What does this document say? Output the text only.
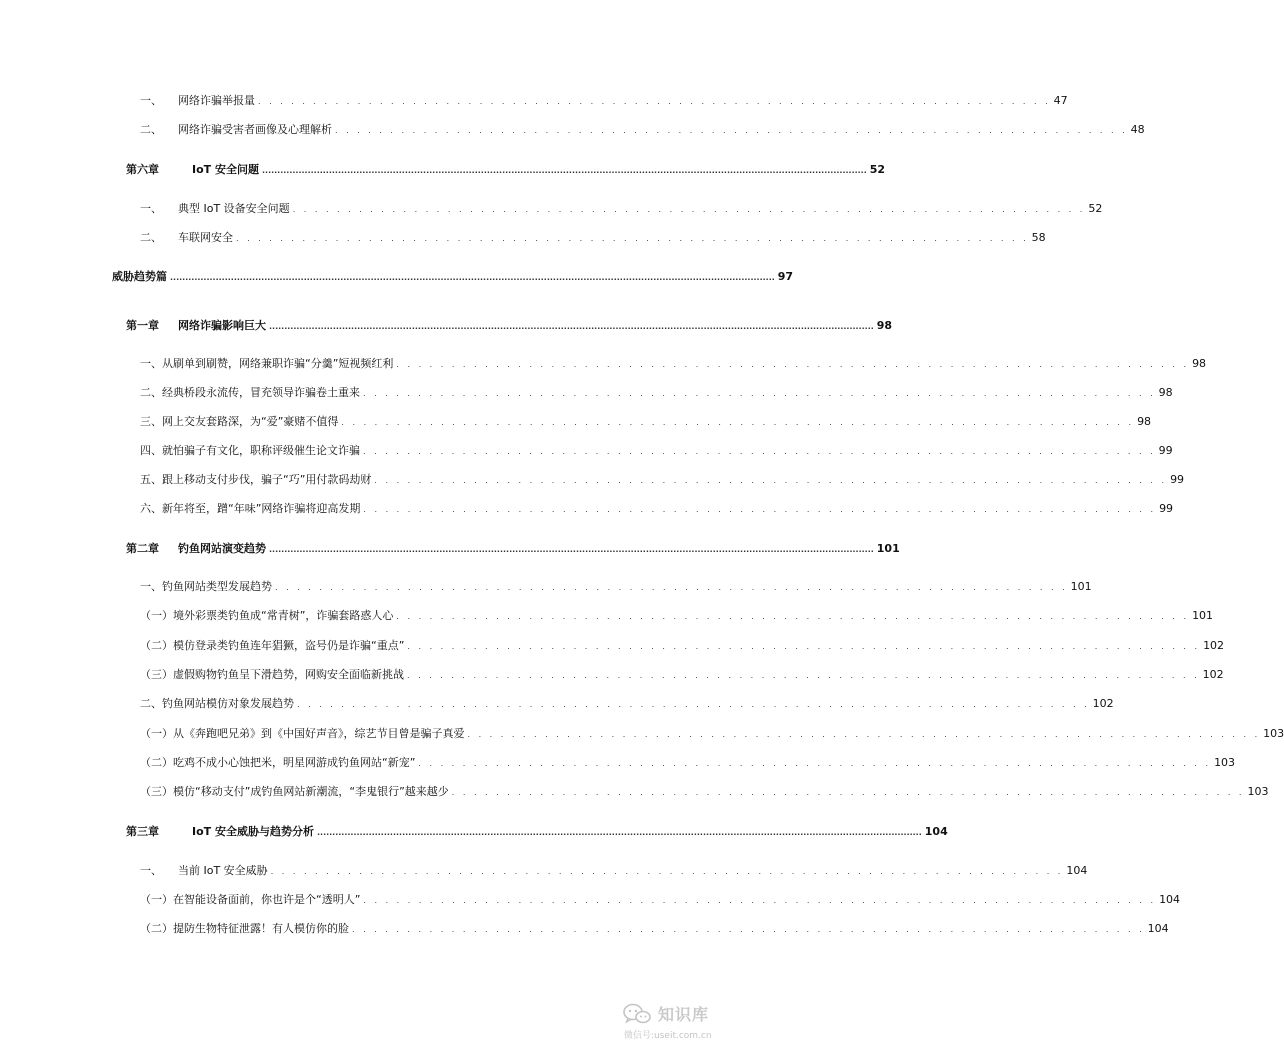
一、	网络诈骗举报量 . . . . . . . . . . . . . . . . . . . . . . . . . . . . . . . . . . . . . . . . . . . . . . . . . . . . . . . . . . . . . . . . . . . . . . . . 47
二、	网络诈骗受害者画像及心理解析 . . . . . . . . . . . . . . . . . . . . . . . . . . . . . . . . . . . . . . . . . . . . . . . . . . . . . . . . . . . . . . . . . . . . . . . . 48
第六章	IoT 安全问题 ....................................................................................................................................................................................................... 52
一、	典型 IoT 设备安全问题 . . . . . . . . . . . . . . . . . . . . . . . . . . . . . . . . . . . . . . . . . . . . . . . . . . . . . . . . . . . . . . . . . . . . . . . . 52
二、	车联网安全 . . . . . . . . . . . . . . . . . . . . . . . . . . . . . . . . . . . . . . . . . . . . . . . . . . . . . . . . . . . . . . . . . . . . . . . . 58
威胁趋势篇 ....................................................................................................................................................................................................... 97
第一章	网络诈骗影响巨大 ....................................................................................................................................................................................................... 98
一、 从刷单到刷赞，网络兼职诈骗“分羹”短视频红利 . . . . . . . . . . . . . . . . . . . . . . . . . . . . . . . . . . . . . . . . . . . . . . . . . . . . . . . . . . . . . . . . . . . . . . . . 98
二、 经典桥段永流传，冒充领导诈骗卷土重来 . . . . . . . . . . . . . . . . . . . . . . . . . . . . . . . . . . . . . . . . . . . . . . . . . . . . . . . . . . . . . . . . . . . . . . . . 98
三、 网上交友套路深，为“爱”豪赌不值得 . . . . . . . . . . . . . . . . . . . . . . . . . . . . . . . . . . . . . . . . . . . . . . . . . . . . . . . . . . . . . . . . . . . . . . . . 98
四、 就怕骗子有文化，职称评级催生论文诈骗 . . . . . . . . . . . . . . . . . . . . . . . . . . . . . . . . . . . . . . . . . . . . . . . . . . . . . . . . . . . . . . . . . . . . . . . . 99
五、 跟上移动支付步伐，骗子“巧”用付款码劫财 . . . . . . . . . . . . . . . . . . . . . . . . . . . . . . . . . . . . . . . . . . . . . . . . . . . . . . . . . . . . . . . . . . . . . . . . 99
六、 新年将至，蹭“年味”网络诈骗将迎高发期 . . . . . . . . . . . . . . . . . . . . . . . . . . . . . . . . . . . . . . . . . . . . . . . . . . . . . . . . . . . . . . . . . . . . . . . . 99
第二章	钓鱼网站演变趋势 ....................................................................................................................................................................................................... 101
一、 钓鱼网站类型发展趋势 . . . . . . . . . . . . . . . . . . . . . . . . . . . . . . . . . . . . . . . . . . . . . . . . . . . . . . . . . . . . . . . . . . . . . . . . 101
（一） 境外彩票类钓鱼成“常青树”，诈骗套路惑人心 . . . . . . . . . . . . . . . . . . . . . . . . . . . . . . . . . . . . . . . . . . . . . . . . . . . . . . . . . . . . . . . . . . . . . . . . 101
（二） 模仿登录类钓鱼连年猖獗，盗号仍是诈骗“重点” . . . . . . . . . . . . . . . . . . . . . . . . . . . . . . . . . . . . . . . . . . . . . . . . . . . . . . . . . . . . . . . . . . . . . . . . 102
（三） 虚假购物钓鱼呈下滑趋势，网购安全面临新挑战 . . . . . . . . . . . . . . . . . . . . . . . . . . . . . . . . . . . . . . . . . . . . . . . . . . . . . . . . . . . . . . . . . . . . . . . . 102
二、 钓鱼网站模仿对象发展趋势 . . . . . . . . . . . . . . . . . . . . . . . . . . . . . . . . . . . . . . . . . . . . . . . . . . . . . . . . . . . . . . . . . . . . . . . . 102
（一） 从《奔跑吧兄弟》到《中国好声音》，综艺节目曾是骗子真爱 . . . . . . . . . . . . . . . . . . . . . . . . . . . . . . . . . . . . . . . . . . . . . . . . . . . . . . . . . . . . . . . . . . . . . . . . 103
（二） 吃鸡不成小心蚀把米，明星网游成钓鱼网站“新宠” . . . . . . . . . . . . . . . . . . . . . . . . . . . . . . . . . . . . . . . . . . . . . . . . . . . . . . . . . . . . . . . . . . . . . . . . 103
（三） 模仿“移动支付”成钓鱼网站新潮流，“李鬼银行”越来越少 . . . . . . . . . . . . . . . . . . . . . . . . . . . . . . . . . . . . . . . . . . . . . . . . . . . . . . . . . . . . . . . . . . . . . . . . 103
第三章	IoT 安全威胁与趋势分析 ....................................................................................................................................................................................................... 104
一、	当前 IoT 安全威胁 . . . . . . . . . . . . . . . . . . . . . . . . . . . . . . . . . . . . . . . . . . . . . . . . . . . . . . . . . . . . . . . . . . . . . . . . 104
（一） 在智能设备面前，你也许是个“透明人” . . . . . . . . . . . . . . . . . . . . . . . . . . . . . . . . . . . . . . . . . . . . . . . . . . . . . . . . . . . . . . . . . . . . . . . . 104
（二） 提防生物特征泄露！有人模仿你的脸 . . . . . . . . . . . . . . . . . . . . . . . . . . . . . . . . . . . . . . . . . . . . . . . . . . . . . . . . . . . . . . . . . . . . . . . . 104
知识库
微信号:useit.com.cn
